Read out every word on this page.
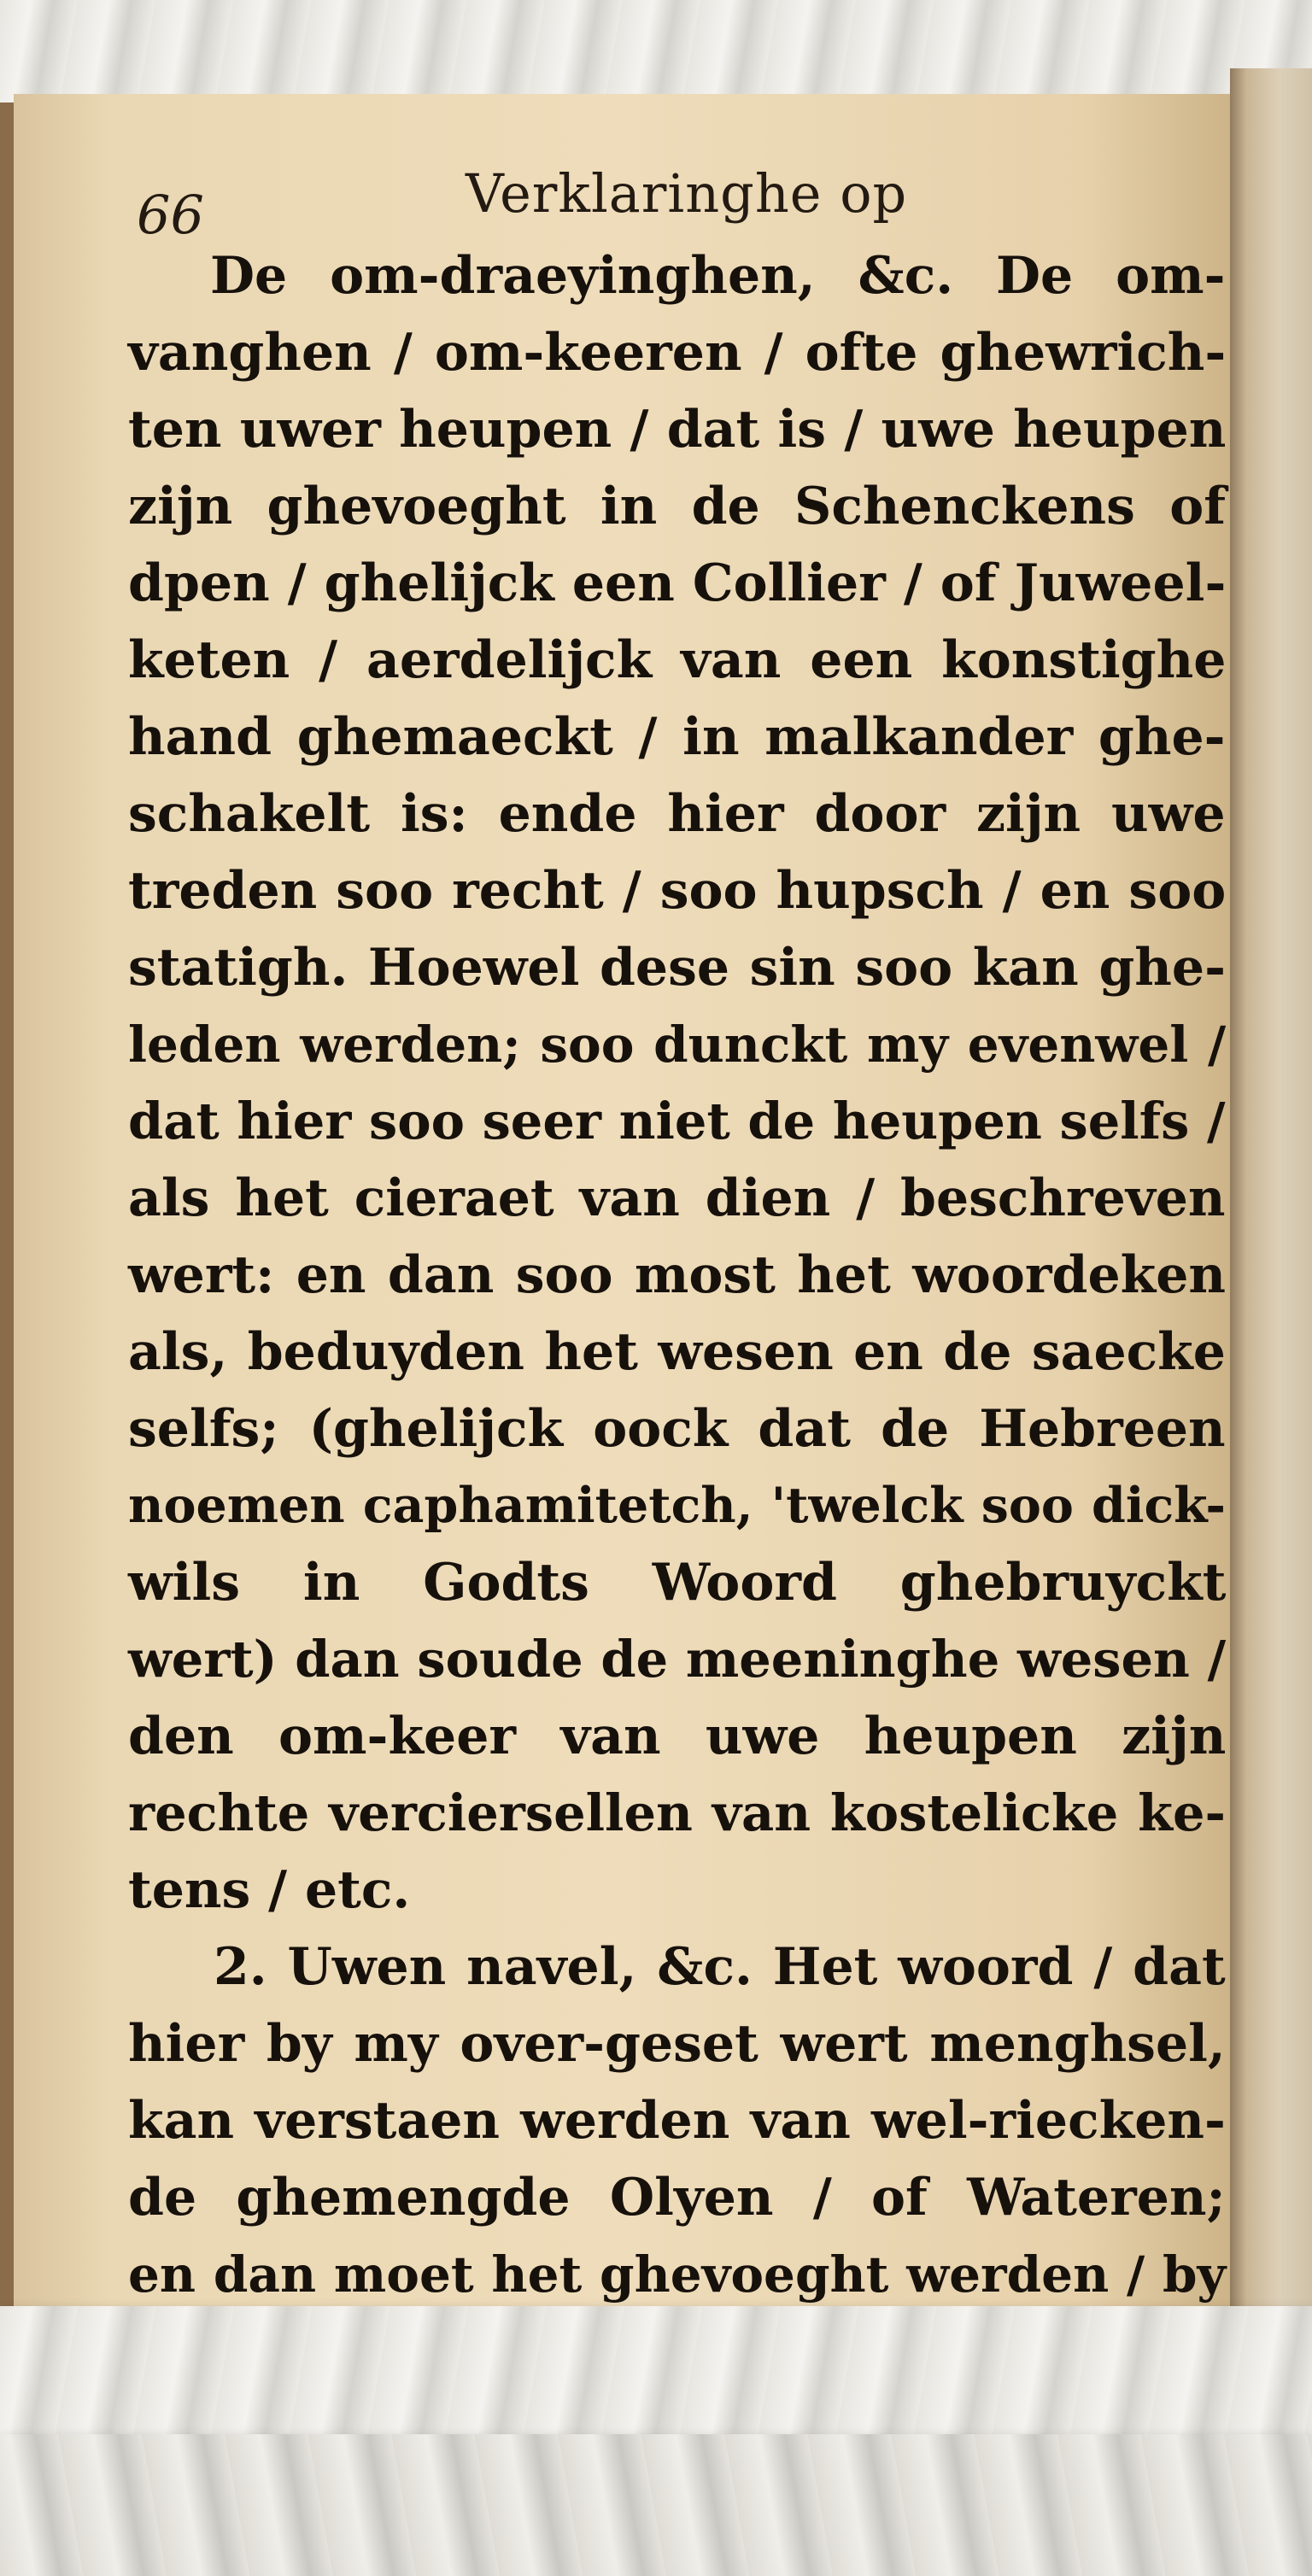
66	Verklaringhe op
De om-draeyinghen, &c. De om-
vanghen / om-keeren / ofte ghewrich-
ten uwer heupen / dat is / uwe heupen
zijn ghevoeght in de Schenckens of
dpen / ghelijck een Collier / of Juweel-
keten / aerdelijck van een konstighe
hand ghemaeckt / in malkander ghe-
schakelt is: ende hier door zijn uwe
treden soo recht / soo hupsch / en soo
statigh. Hoewel dese sin soo kan ghe-
leden werden; soo dunckt my evenwel /
dat hier soo seer niet de heupen selfs /
als het cieraet van dien / beschreven
wert: en dan soo most het woordeken
als, beduyden het wesen en de saecke
selfs; (ghelijck oock dat de Hebreen
noemen caphamitetch, 'twelck soo dick-
wils in Godts Woord ghebruyckt
wert) dan soude de meeninghe wesen /
den om-keer van uwe heupen zijn
rechte verciersellen van kostelicke ke-
tens / etc.
2. Uwen navel, &c. Het woord / dat
hier by my over-geset wert menghsel,
kan verstaen werden van wel-riecken-
de ghemengde Olyen / of Wateren;
en dan moet het ghevoeght werden / by
